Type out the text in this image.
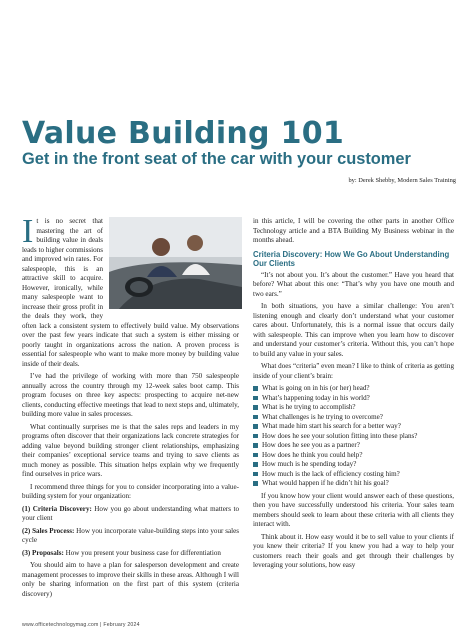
Value Building 101
Get in the front seat of the car with your customer
by: Derek Shebby, Modern Sales Training

It is no secret that mastering the art of building value in deals leads to higher commissions and improved win rates. For salespeople, this is an attractive skill to acquire. However, ironically, while many salespeople want to increase their gross profit in the deals they work, they often lack a consistent system to effectively build value. My observations over the past few years indicate that such a system is either missing or poorly taught in organizations across the nation. A proven process is essential for salespeople who want to make more money by building value inside of their deals.

I’ve had the privilege of working with more than 750 salespeople annually across the country through my 12-week sales boot camp. This program focuses on three key aspects: prospecting to acquire net-new clients, conducting effective meetings that lead to next steps and, ultimately, building more value in sales processes.

What continually surprises me is that the sales reps and leaders in my programs often discover that their organizations lack concrete strategies for adding value beyond building stronger client relationships, emphasizing their companies’ exceptional service teams and trying to save clients as much money as possible. This situation helps explain why we frequently find ourselves in price wars.

I recommend three things for you to consider incorporating into a value-building system for your organization:

(1) Criteria Discovery: How you go about understanding what matters to your client

(2) Sales Process: How you incorporate value-building steps into your sales cycle

(3) Proposals: How you present your business case for differentiation

You should aim to have a plan for salesperson development and create management processes to improve their skills in these areas. Although I will only be sharing information on the first part of this system (criteria discovery)

in this article, I will be covering the other parts in another Office Technology article and a BTA Building My Business webinar in the months ahead.

Criteria Discovery: How We Go About Understanding Our Clients

“It’s not about you. It’s about the customer.” Have you heard that before? What about this one: “That’s why you have one mouth and two ears.”

In both situations, you have a similar challenge: You aren’t listening enough and clearly don’t understand what your customer cares about. Unfortunately, this is a normal issue that occurs daily with salespeople. This can improve when you learn how to discover and understand your customer’s criteria. Without this, you can’t hope to build any value in your sales.

What does “criteria” even mean? I like to think of criteria as getting inside of your client’s brain:

What is going on in his (or her) head?
What’s happening today in his world?
What is he trying to accomplish?
What challenges is he trying to overcome?
What made him start his search for a better way?
How does he see your solution fitting into these plans?
How does he see you as a partner?
How does he think you could help?
How much is he spending today?
How much is the lack of efficiency costing him?
What would happen if he didn’t hit his goal?

If you know how your client would answer each of these questions, then you have successfully understood his criteria. Your sales team members should seek to learn about these criteria with all clients they interact with.

Think about it. How easy would it be to sell value to your clients if you knew their criteria? If you knew you had a way to help your customers reach their goals and get through their challenges by leveraging your solutions, how easy

www.officetechnologymag.com | February 2024
